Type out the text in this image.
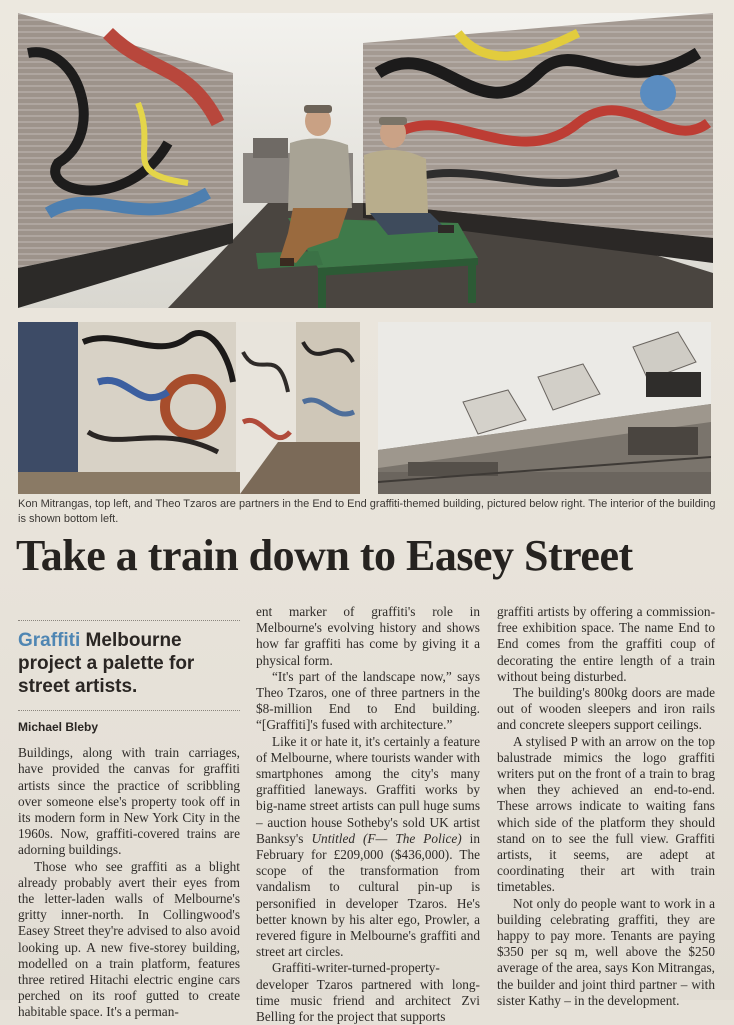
Kon Mitrangas, top left, and Theo Tzaros are partners in the End to End graffiti-themed building, pictured below right. The interior of the building is shown bottom left.
Take a train down to Easey Street
Graffiti Melbourne project a palette for street artists.
Michael Bleby

Buildings, along with train carriages, have provided the canvas for graffiti artists since the practice of scribbling over someone else's property took off in its modern form in New York City in the 1960s. Now, graffiti-covered trains are adorning buildings.

Those who see graffiti as a blight already probably avert their eyes from the letter-laden walls of Melbourne's gritty inner-north. In Collingwood's Easey Street they're advised to also avoid looking up. A new five-storey building, modelled on a train platform, features three retired Hitachi electric engine cars perched on its roof gutted to create habitable space. It's a perman-

ent marker of graffiti's role in Melbourne's evolving history and shows how far graffiti has come by giving it a physical form.

“It's part of the landscape now,” says Theo Tzaros, one of three partners in the $8-million End to End building. “[Graffiti]'s fused with architecture.”

Like it or hate it, it's certainly a feature of Melbourne, where tourists wander with smartphones among the city's many graffitied laneways. Graffiti works by big-name street artists can pull huge sums – auction house Sotheby's sold UK artist Banksy's Untitled (F— The Police) in February for £209,000 ($436,000). The scope of the transformation from vandalism to cultural pin-up is personified in developer Tzaros. He's better known by his alter ego, Prowler, a revered figure in Melbourne's graffiti and street art circles.

Graffiti-writer-turned-property-developer Tzaros partnered with long-time music friend and architect Zvi Belling for the project that supports

graffiti artists by offering a commission-free exhibition space. The name End to End comes from the graffiti coup of decorating the entire length of a train without being disturbed.

The building's 800kg doors are made out of wooden sleepers and iron rails and concrete sleepers support ceilings.

A stylised P with an arrow on the top balustrade mimics the logo graffiti writers put on the front of a train to brag when they achieved an end-to-end. These arrows indicate to waiting fans which side of the platform they should stand on to see the full view. Graffiti artists, it seems, are adept at coordinating their art with train timetables.

Not only do people want to work in a building celebrating graffiti, they are happy to pay more. Tenants are paying $350 per sq m, well above the $250 average of the area, says Kon Mitrangas, the builder and joint third partner – with sister Kathy – in the development.
